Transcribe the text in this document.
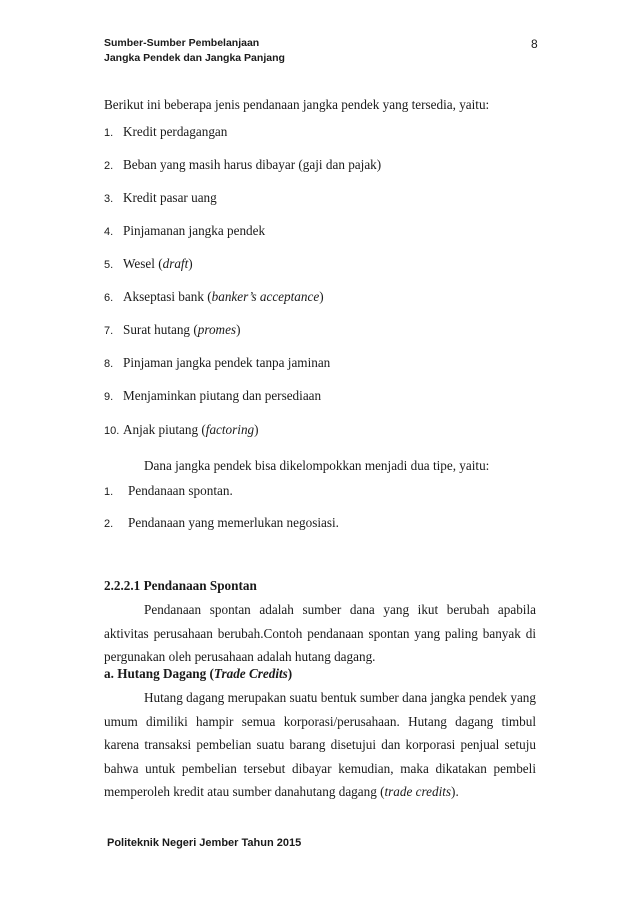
Sumber-Sumber Pembelanjaan
Jangka Pendek dan Jangka Panjang
8
Berikut ini beberapa jenis pendanaan jangka pendek yang tersedia, yaitu:
1. Kredit perdagangan
2. Beban yang masih harus dibayar (gaji dan pajak)
3. Kredit pasar uang
4. Pinjamanan jangka pendek
5. Wesel (draft)
6. Akseptasi bank (banker’s acceptance)
7. Surat hutang (promes)
8. Pinjaman jangka pendek tanpa jaminan
9. Menjaminkan piutang dan persediaan
10. Anjak piutang (factoring)
Dana jangka pendek bisa dikelompokkan menjadi dua tipe, yaitu:
1. Pendanaan spontan.
2. Pendanaan yang memerlukan negosiasi.
2.2.2.1 Pendanaan Spontan
Pendanaan spontan adalah sumber dana yang ikut berubah apabila aktivitas perusahaan berubah.Contoh pendanaan spontan yang paling banyak di pergunakan oleh perusahaan adalah hutang dagang.
a. Hutang Dagang (Trade Credits)
Hutang dagang merupakan suatu bentuk sumber dana jangka pendek yang umum dimiliki hampir semua korporasi/perusahaan. Hutang dagang timbul karena transaksi pembelian suatu barang disetujui dan korporasi penjual setuju bahwa untuk pembelian tersebut dibayar kemudian, maka dikatakan pembeli memperoleh kredit atau sumber danahutang dagang (trade credits).
Politeknik Negeri Jember Tahun 2015
